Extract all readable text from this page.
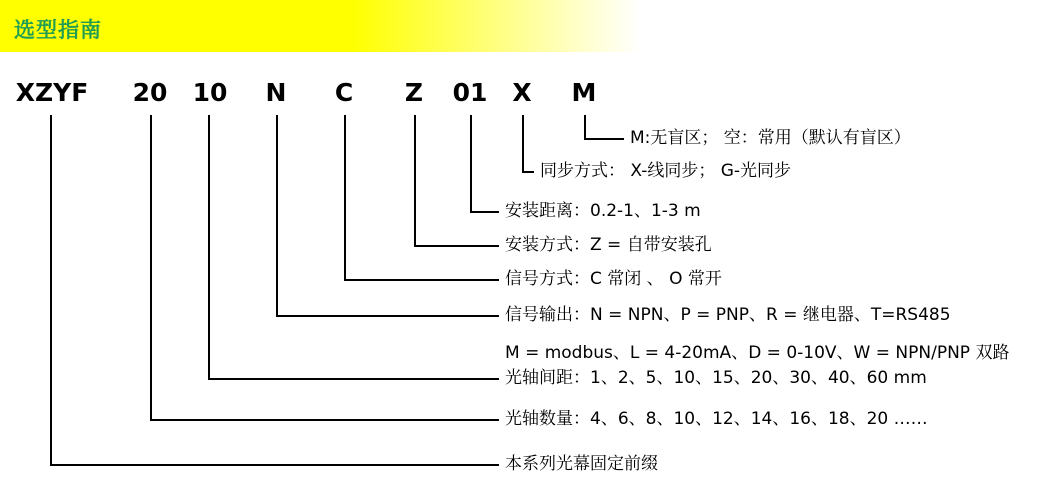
选型指南
XZYF 20 10 N C Z 01 X M
M:无盲区； 空：常用（默认有盲区）
同步方式： X-线同步； G-光同步
安装距离：0.2-1、1-3 m
安装方式：Z = 自带安装孔
信号方式：C 常闭 、 O 常开
信号输出：N = NPN、P = PNP、R = 继电器、T=RS485
光轴间距：1、2、5、10、15、20、30、40、60 mm
光轴数量：4、6、8、10、12、14、16、18、20 ……
本系列光幕固定前缀
M = modbus、L = 4-20mA、D = 0-10V、W = NPN/PNP 双路
